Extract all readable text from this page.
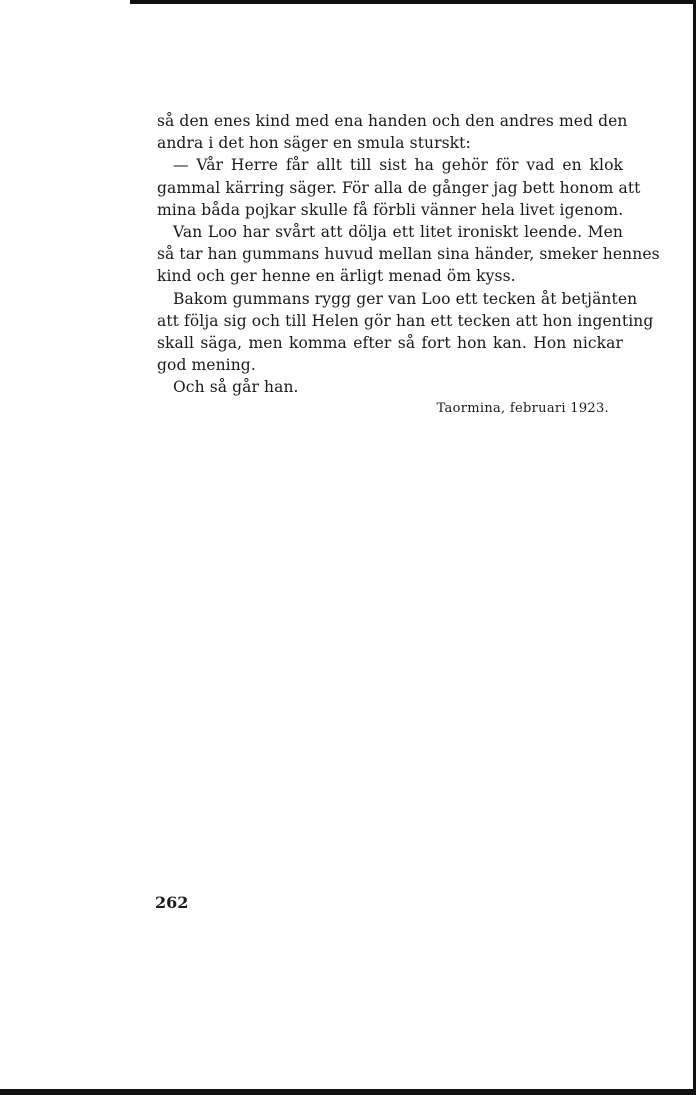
så den enes kind med ena handen och den andres med den
andra i det hon säger en smula sturskt:
— Vår Herre får allt till sist ha gehör för vad en klok
gammal kärring säger. För alla de gånger jag bett honom att
mina båda pojkar skulle få förbli vänner hela livet igenom.
Van Loo har svårt att dölja ett litet ironiskt leende. Men
så tar han gummans huvud mellan sina händer, smeker hennes
kind och ger henne en ärligt menad öm kyss.
Bakom gummans rygg ger van Loo ett tecken åt betjänten
att följa sig och till Helen gör han ett tecken att hon ingenting
skall säga, men komma efter så fort hon kan. Hon nickar
god mening.
Och så går han.
Taormina, februari 1923.
262
